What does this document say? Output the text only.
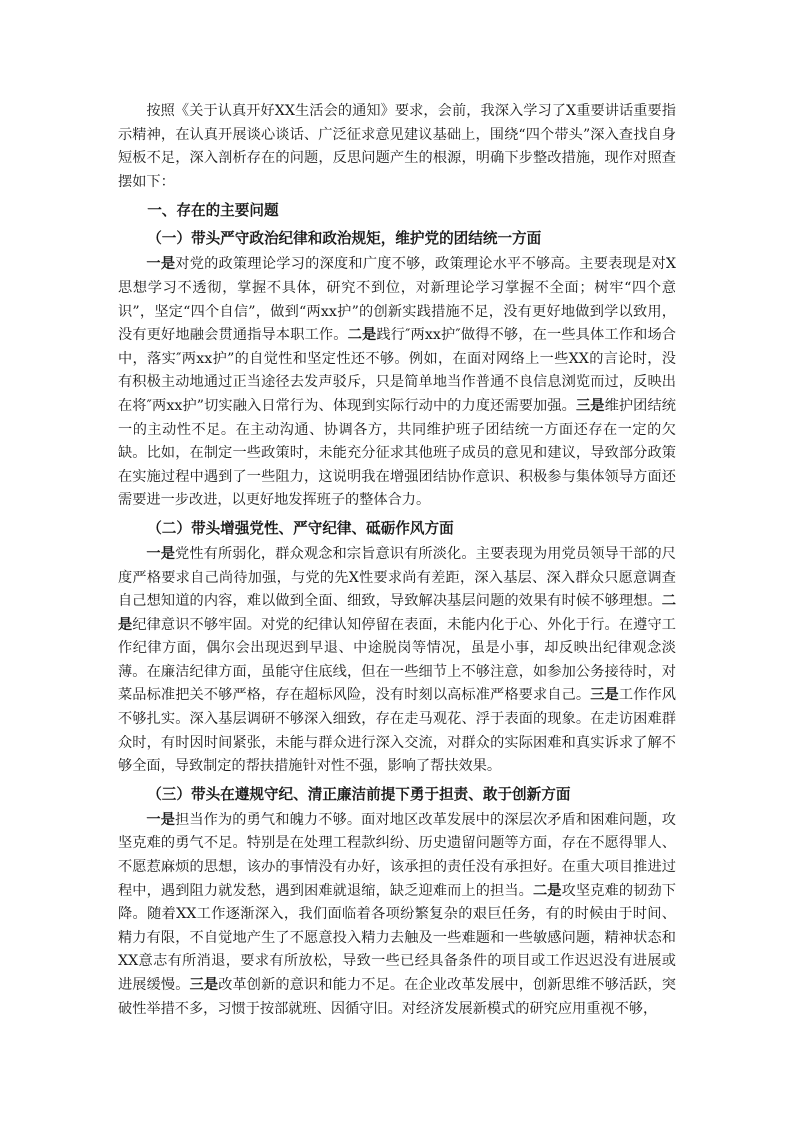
按照《关于认真开好XX生活会的通知》要求，会前，我深入学习了X重要讲话重要指示精神，在认真开展谈心谈话、广泛征求意见建议基础上，围绕“四个带头”深入查找自身短板不足，深入剖析存在的问题，反思问题产生的根源，明确下步整改措施，现作对照查摆如下：

一、存在的主要问题
（一）带头严守政治纪律和政治规矩，维护党的团结统一方面

一是对党的政策理论学习的深度和广度不够，政策理论水平不够高。主要表现是对X思想学习不透彻，掌握不具体，研究不到位，对新理论学习掌握不全面；树牢“四个意识”，坚定“四个自信”，做到“两xx护”的创新实践措施不足，没有更好地做到学以致用，没有更好地融会贯通指导本职工作。二是践行″两xx护″做得不够，在一些具体工作和场合中，落实″两xx护”的自觉性和坚定性还不够。例如，在面对网络上一些XX的言论时，没有积极主动地通过正当途径去发声驳斥，只是简单地当作普通不良信息浏览而过，反映出在将″两xx护”切实融入日常行为、体现到实际行动中的力度还需要加强。三是维护团结统一的主动性不足。在主动沟通、协调各方，共同维护班子团结统一方面还存在一定的欠缺。比如，在制定一些政策时，未能充分征求其他班子成员的意见和建议，导致部分政策在实施过程中遇到了一些阻力，这说明我在增强团结协作意识、积极参与集体领导方面还需要进一步改进，以更好地发挥班子的整体合力。

（二）带头增强党性、严守纪律、砥砺作风方面

一是党性有所弱化，群众观念和宗旨意识有所淡化。主要表现为用党员领导干部的尺度严格要求自己尚待加强，与党的先X性要求尚有差距，深入基层、深入群众只愿意调查自己想知道的内容，难以做到全面、细致，导致解决基层问题的效果有时候不够理想。二是纪律意识不够牢固。对党的纪律认知停留在表面，未能内化于心、外化于行。在遵守工作纪律方面，偶尔会出现迟到早退、中途脱岗等情况，虽是小事，却反映出纪律观念淡薄。在廉洁纪律方面，虽能守住底线，但在一些细节上不够注意，如参加公务接待时，对菜品标准把关不够严格，存在超标风险，没有时刻以高标准严格要求自己。三是工作作风不够扎实。深入基层调研不够深入细致，存在走马观花、浮于表面的现象。在走访困难群众时，有时因时间紧张，未能与群众进行深入交流，对群众的实际困难和真实诉求了解不够全面，导致制定的帮扶措施针对性不强，影响了帮扶效果。

（三）带头在遵规守纪、清正廉洁前提下勇于担责、敢于创新方面

一是担当作为的勇气和魄力不够。面对地区改革发展中的深层次矛盾和困难问题，攻坚克难的勇气不足。特别是在处理工程款纠纷、历史遗留问题等方面，存在不愿得罪人、不愿惹麻烦的思想，该办的事情没有办好，该承担的责任没有承担好。在重大项目推进过程中，遇到阻力就发愁，遇到困难就退缩，缺乏迎难而上的担当。二是攻坚克难的韧劲下降。随着XX工作逐渐深入，我们面临着各项纷繁复杂的艰巨任务，有的时候由于时间、精力有限，不自觉地产生了不愿意投入精力去触及一些难题和一些敏感问题，精神状态和XX意志有所消退，要求有所放松，导致一些已经具备条件的项目或工作迟迟没有进展或进展缓慢。三是改革创新的意识和能力不足。在企业改革发展中，创新思维不够活跃，突破性举措不多，习惯于按部就班、因循守旧。对经济发展新模式的研究应用重视不够，
